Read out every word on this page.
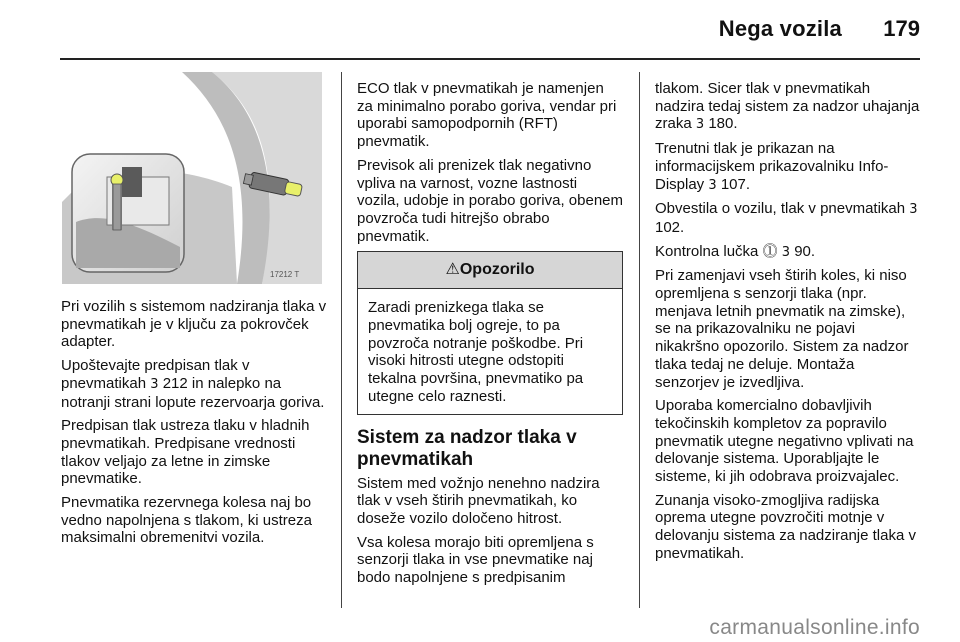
Nega vozila 179
17212 T

Pri vozilih s sistemom nadziranja tlaka v pnevmatikah je v ključu za pokrovček adapter.

Upoštevajte predpisan tlak v pnevmatikah 3 212 in nalepko na notranji strani lopute rezervoarja goriva.

Predpisan tlak ustreza tlaku v hladnih pnevmatikah. Predpisane vrednosti tlakov veljajo za letne in zimske pnevmatike.

Pnevmatika rezervnega kolesa naj bo vedno napolnjena s tlakom, ki ustreza maksimalni obremenitvi vozila.

ECO tlak v pnevmatikah je namenjen za minimalno porabo goriva, vendar pri uporabi samopodpornih (RFT) pnevmatik.

Previsok ali prenizek tlak negativno vpliva na varnost, vozne lastnosti vozila, udobje in porabo goriva, obenem povzroča tudi hitrejšo obrabo pnevmatik.

⚠Opozorilo
Zaradi prenizkega tlaka se pnevmatika bolj ogreje, to pa povzroča notranje poškodbe. Pri visoki hitrosti utegne odstopiti tekalna površina, pnevmatiko pa utegne celo raznesti.
Sistem za nadzor tlaka v pnevmatikah

Sistem med vožnjo nenehno nadzira tlak v vseh štirih pnevmatikah, ko doseže vozilo določeno hitrost.

Vsa kolesa morajo biti opremljena s senzorji tlaka in vse pnevmatike naj bodo napolnjene s predpisanim

tlakom. Sicer tlak v pnevmatikah nadzira tedaj sistem za nadzor uhajanja zraka 3 180.

Trenutni tlak je prikazan na informacijskem prikazovalniku Info-Display 3 107.

Obvestila o vozilu, tlak v pnevmatikah 3 102.

Kontrolna lučka ⓵ 3 90.

Pri zamenjavi vseh štirih koles, ki niso opremljena s senzorji tlaka (npr. menjava letnih pnevmatik na zimske), se na prikazovalniku ne pojavi nikakršno opozorilo. Sistem za nadzor tlaka tedaj ne deluje. Montaža senzorjev je izvedljiva.

Uporaba komercialno dobavljivih tekočinskih kompletov za popravilo pnevmatik utegne negativno vplivati na delovanje sistema. Uporabljajte le sisteme, ki jih odobrava proizvajalec.

Zunanja visoko-zmogljiva radijska oprema utegne povzročiti motnje v delovanju sistema za nadziranje tlaka v pnevmatikah.

carmanualsonline.info
